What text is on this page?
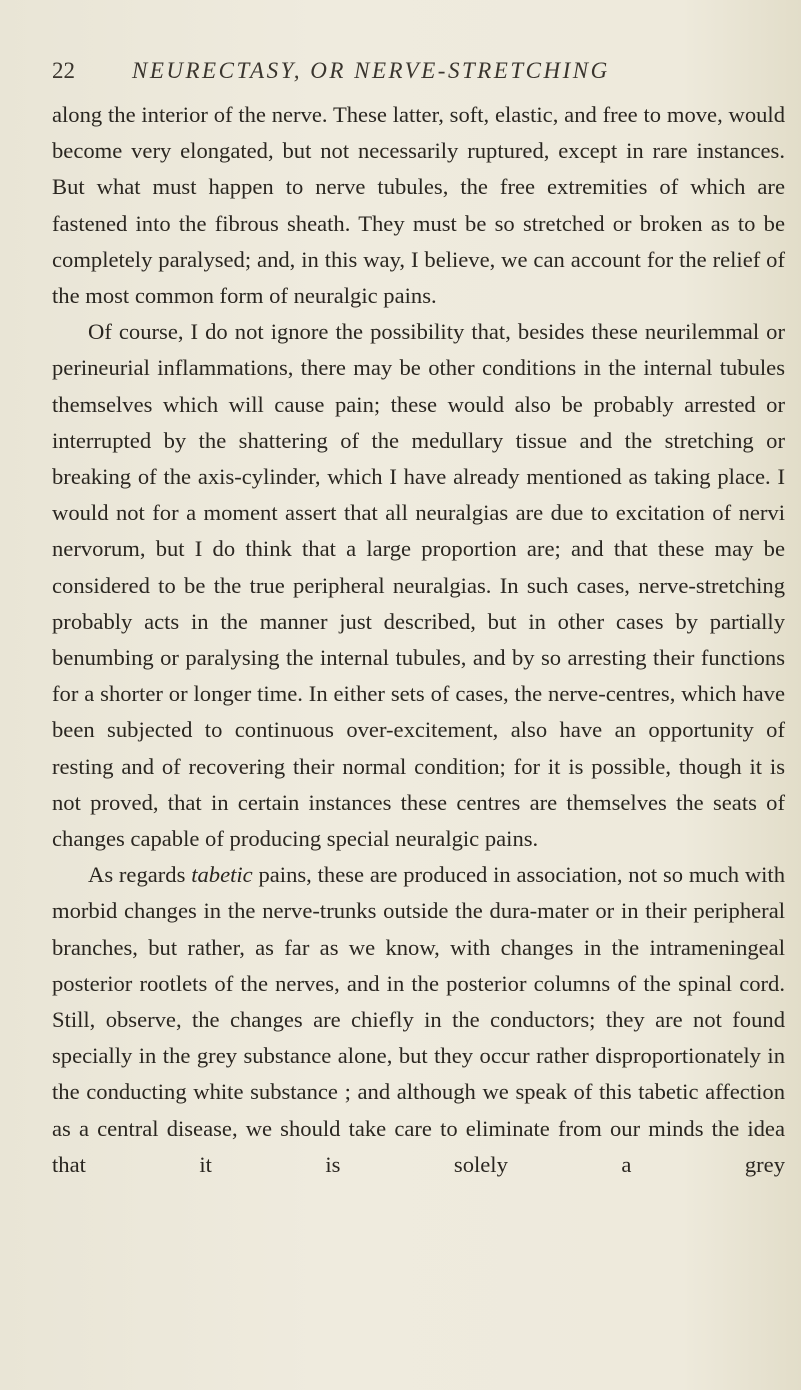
22 NEURECTASY, OR NERVE-STRETCHING

along the interior of the nerve. These latter, soft, elastic, and free to move, would become very elongated, but not necessarily ruptured, except in rare instances. But what must happen to nerve tubules, the free extremities of which are fastened into the fibrous sheath. They must be so stretched or broken as to be completely paralysed; and, in this way, I believe, we can account for the relief of the most common form of neuralgic pains.

Of course, I do not ignore the possibility that, besides these neurilemmal or perineurial inflammations, there may be other conditions in the internal tubules themselves which will cause pain; these would also be probably arrested or interrupted by the shattering of the medullary tissue and the stretching or breaking of the axis-cylinder, which I have already mentioned as taking place. I would not for a moment assert that all neuralgias are due to excitation of nervi nervorum, but I do think that a large proportion are; and that these may be considered to be the true peripheral neuralgias. In such cases, nerve-stretching probably acts in the manner just described, but in other cases by partially benumbing or paralysing the internal tubules, and by so arresting their functions for a shorter or longer time. In either sets of cases, the nerve-centres, which have been subjected to continuous over-excitement, also have an opportunity of resting and of recovering their normal condition; for it is possible, though it is not proved, that in certain instances these centres are themselves the seats of changes capable of producing special neuralgic pains.

As regards tabetic pains, these are produced in association, not so much with morbid changes in the nerve-trunks outside the dura-mater or in their peripheral branches, but rather, as far as we know, with changes in the intrameningeal posterior rootlets of the nerves, and in the posterior columns of the spinal cord. Still, observe, the changes are chiefly in the conductors; they are not found specially in the grey substance alone, but they occur rather disproportionately in the conducting white substance ; and although we speak of this tabetic affection as a central disease, we should take care to eliminate from our minds the idea that it is solely a grey
